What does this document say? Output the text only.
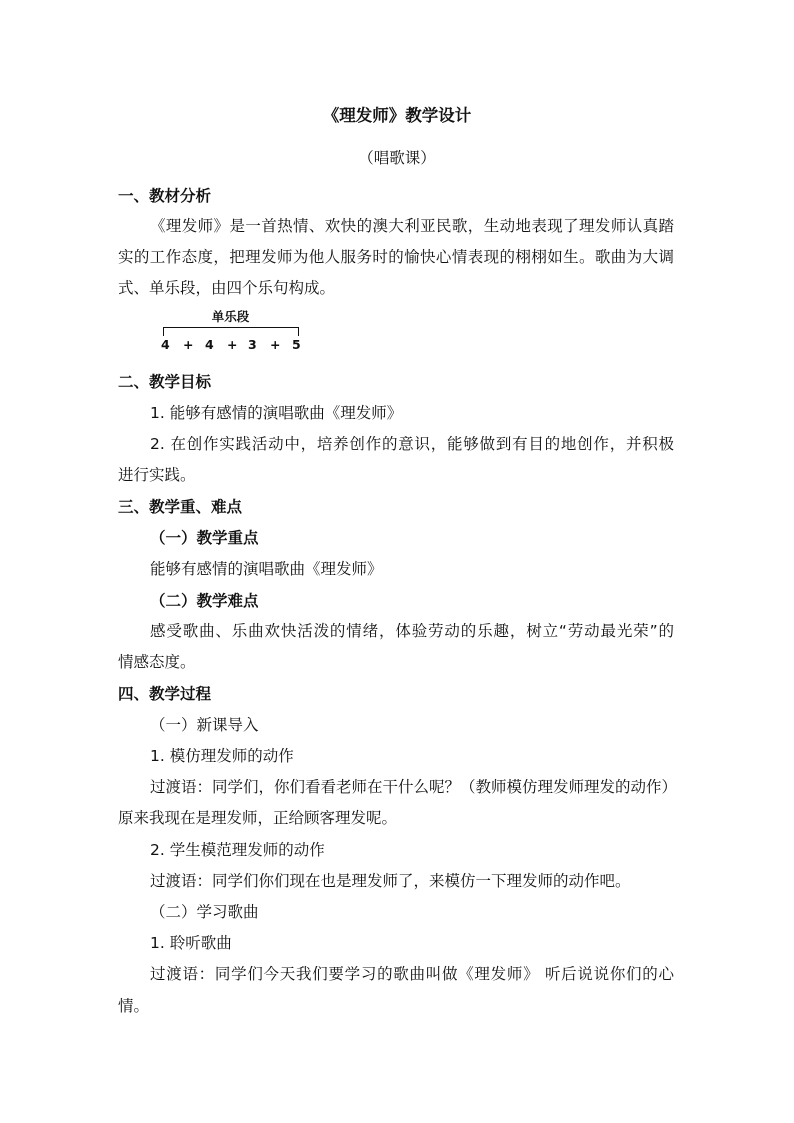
《理发师》教学设计
（唱歌课）
一、教材分析
《理发师》是一首热情、欢快的澳大利亚民歌，生动地表现了理发师认真踏
实的工作态度，把理发师为他人服务时的愉快心情表现的栩栩如生。歌曲为大调
式、单乐段，由四个乐句构成。
单乐段
4 + 4 + 3 + 5
二、教学目标
1. 能够有感情的演唱歌曲《理发师》
2. 在创作实践活动中，培养创作的意识，能够做到有目的地创作，并积极
进行实践。
三、教学重、难点
（一）教学重点
能够有感情的演唱歌曲《理发师》
（二）教学难点
感受歌曲、乐曲欢快活泼的情绪，体验劳动的乐趣，树立“劳动最光荣”的
情感态度。
四、教学过程
（一）新课导入
1. 模仿理发师的动作
过渡语：同学们，你们看看老师在干什么呢？（教师模仿理发师理发的动作）
原来我现在是理发师，正给顾客理发呢。
2. 学生模范理发师的动作
过渡语：同学们你们现在也是理发师了，来模仿一下理发师的动作吧。
（二）学习歌曲
1. 聆听歌曲
过渡语：同学们今天我们要学习的歌曲叫做《理发师》 听后说说你们的心
情。
